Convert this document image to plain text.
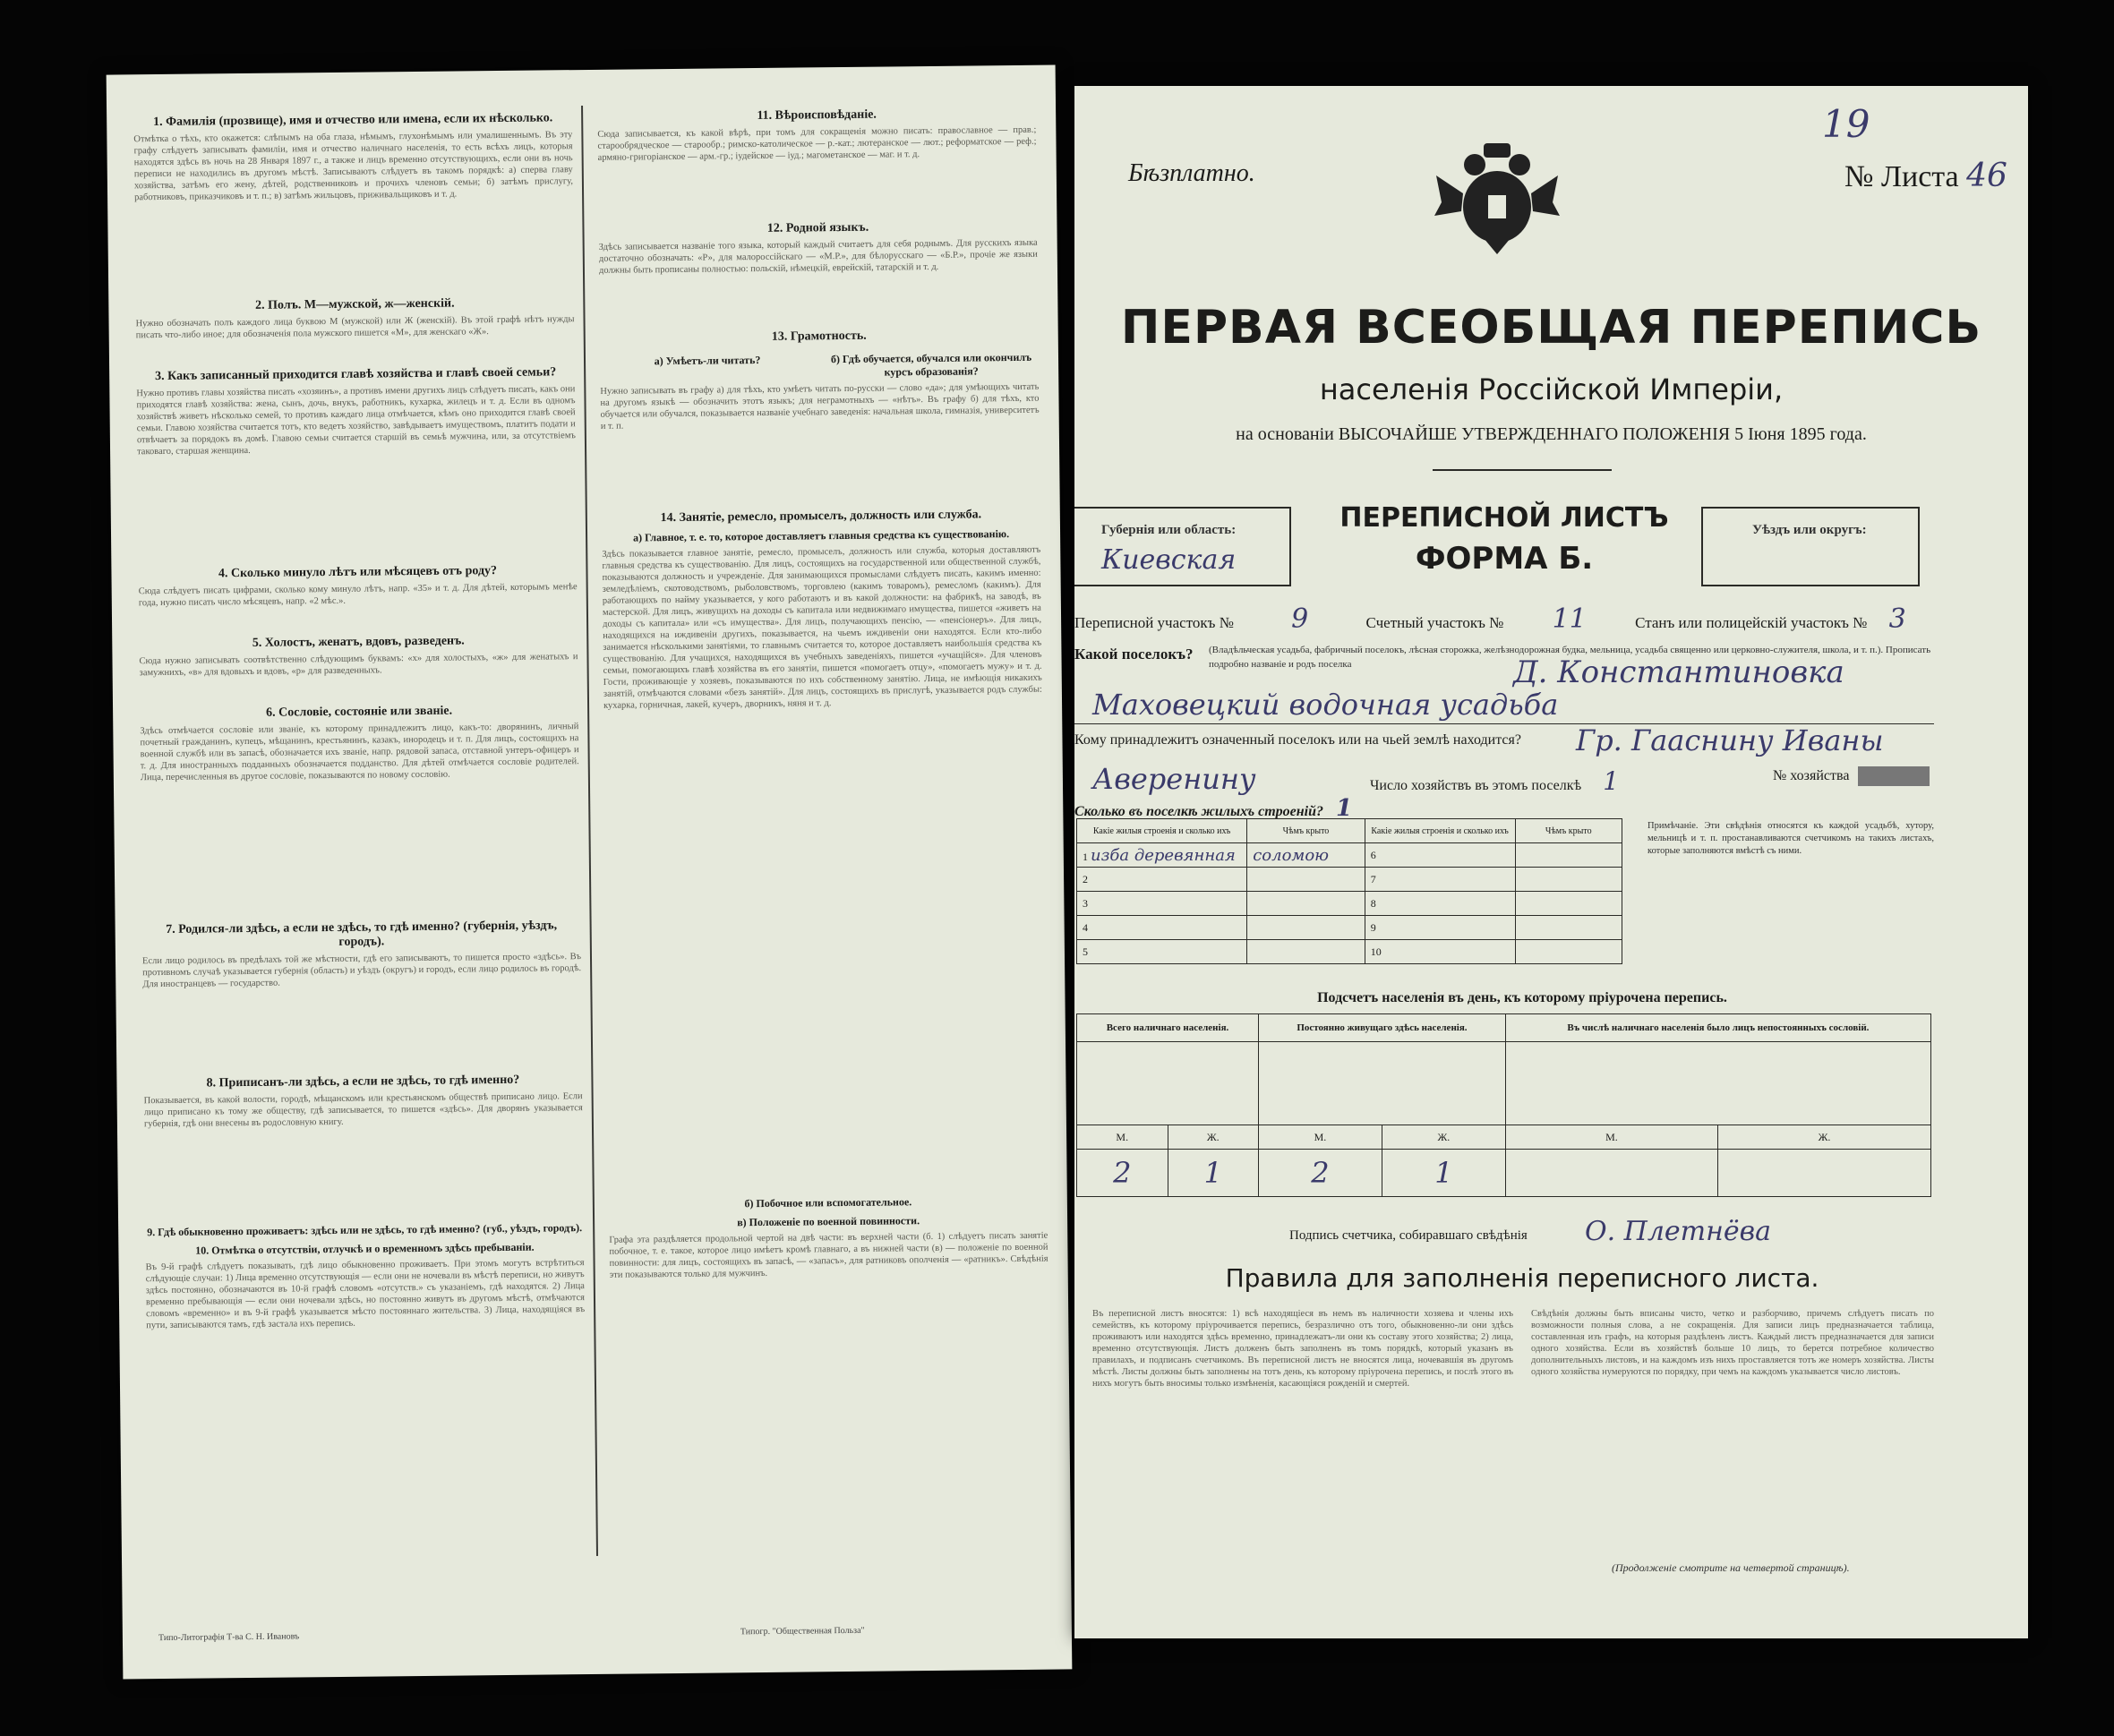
1. Фамилія (прозвище), имя и отчество или имена, если их нѣсколько.
Отмѣтка о тѣхъ, кто окажется: слѣпымъ на оба глаза, нѣмымъ, глухонѣмымъ или умалишеннымъ. Въ эту графу слѣдуетъ записывать фамиліи, имя и отчество наличнаго населенія, то есть всѣхъ лицъ, которыя находятся здѣсь въ ночь на 28 Января 1897 г., а также и лицъ временно отсутствующихъ, если они въ ночь переписи не находились въ другомъ мѣстѣ. Записываютъ слѣдуетъ въ такомъ порядкѣ: а) сперва главу хозяйства, затѣмъ его жену, дѣтей, родственниковъ и прочихъ членовъ семьи; б) затѣмъ прислугу, работниковъ, приказчиковъ и т. п.; в) затѣмъ жильцовъ, приживальщиковъ и т. д.
2. Полъ. М—мужской, ж—женскій.
Нужно обозначать полъ каждого лица буквою М (мужской) или Ж (женскій). Въ этой графѣ нѣтъ нужды писать что-либо иное; для обозначенія пола мужского пишется «М», для женскаго «Ж».
3. Какъ записанный приходится главѣ хозяйства и главѣ своей семьи?
Нужно противъ главы хозяйства писать «хозяинъ», а противъ имени другихъ лицъ слѣдуетъ писать, какъ они приходятся главѣ хозяйства: жена, сынъ, дочь, внукъ, работникъ, кухарка, жилецъ и т. д. Если въ одномъ хозяйствѣ живетъ нѣсколько семей, то противъ каждаго лица отмѣчается, кѣмъ оно приходится главѣ своей семьи. Главою хозяйства считается тотъ, кто ведетъ хозяйство, завѣдываетъ имуществомъ, платитъ подати и отвѣчаетъ за порядокъ въ домѣ. Главою семьи считается старшій въ семьѣ мужчина, или, за отсутствіемъ таковаго, старшая женщина.
4. Сколько минуло лѣтъ или мѣсяцевъ отъ роду?
Сюда слѣдуетъ писать цифрами, сколько кому минуло лѣтъ, напр. «35» и т. д. Для дѣтей, которымъ менѣе года, нужно писать число мѣсяцевъ, напр. «2 мѣс.».
5. Холостъ, женатъ, вдовъ, разведенъ.
Сюда нужно записывать соотвѣтственно слѣдующимъ буквамъ: «х» для холостыхъ, «ж» для женатыхъ и замужнихъ, «в» для вдовыхъ и вдовъ, «р» для разведенныхъ.
6. Сословіе, состояніе или званіе.
Здѣсь отмѣчается сословіе или званіе, къ которому принадлежитъ лицо, какъ-то: дворянинъ, личный почетный гражданинъ, купецъ, мѣщанинъ, крестьянинъ, казакъ, инородецъ и т. п. Для лицъ, состоящихъ на военной службѣ или въ запасѣ, обозначается ихъ званіе, напр. рядовой запаса, отставной унтеръ-офицеръ и т. д. Для иностранныхъ подданныхъ обозначается подданство. Для дѣтей отмѣчается сословіе родителей. Лица, перечисленныя въ другое сословіе, показываются по новому сословію.
7. Родился-ли здѣсь, а если не здѣсь, то гдѣ именно? (губернія, уѣздъ, городъ).
Если лицо родилось въ предѣлахъ той же мѣстности, гдѣ его записываютъ, то пишется просто «здѣсь». Въ противномъ случаѣ указывается губернія (область) и уѣздъ (округъ) и городъ, если лицо родилось въ городѣ. Для иностранцевъ — государство.
8. Приписанъ-ли здѣсь, а если не здѣсь, то гдѣ именно?
Показывается, въ какой волости, городѣ, мѣщанскомъ или крестьянскомъ обществѣ приписано лицо. Если лицо приписано къ тому же обществу, гдѣ записывается, то пишется «здѣсь». Для дворянъ указывается губернія, гдѣ они внесены въ родословную книгу.
9. Гдѣ обыкновенно проживаетъ: здѣсь или не здѣсь, то гдѣ именно? (губ., уѣздъ, городъ).
10. Отмѣтка о отсутствіи, отлучкѣ и о временномъ здѣсь пребываніи.
Въ 9-й графѣ слѣдуетъ показывать, гдѣ лицо обыкновенно проживаетъ. При этомъ могутъ встрѣтиться слѣдующіе случаи: 1) Лица временно отсутствующія — если они не ночевали въ мѣстѣ переписи, но живутъ здѣсь постоянно, обозначаются въ 10-й графѣ словомъ «отсутств.» съ указаніемъ, гдѣ находятся. 2) Лица временно пребывающія — если они ночевали здѣсь, но постоянно живутъ въ другомъ мѣстѣ, отмѣчаются словомъ «временно» и въ 9-й графѣ указывается мѣсто постояннаго жительства. 3) Лица, находящіяся въ пути, записываются тамъ, гдѣ застала ихъ перепись.
11. Вѣроисповѣданіе.
Сюда записывается, къ какой вѣрѣ, при томъ для сокращенія можно писать: православное — прав.; старообрядческое — старообр.; римско-католическое — р.-кат.; лютеранское — лют.; реформатское — реф.; армяно-григоріанское — арм.-гр.; іудейское — іуд.; магометанское — маг. и т. д.
12. Родной языкъ.
Здѣсь записывается названіе того языка, который каждый считаетъ для себя роднымъ. Для русскихъ языка достаточно обозначать: «Р», для малороссійскаго — «М.Р.», для бѣлорусскаго — «Б.Р.», прочіе же языки должны быть прописаны полностью: польскій, нѣмецкій, еврейскій, татарскій и т. д.
13. Грамотность.
а) Умѣетъ-ли читать?	б) Гдѣ обучается, обучался или окончилъ курсъ образованія?
Нужно записывать въ графу а) для тѣхъ, кто умѣетъ читать по-русски — слово «да»; для умѣющихъ читать на другомъ языкѣ — обозначить этотъ языкъ; для неграмотныхъ — «нѣтъ». Въ графу б) для тѣхъ, кто обучается или обучался, показывается названіе учебнаго заведенія: начальная школа, гимназія, университетъ и т. п.
14. Занятіе, ремесло, промыселъ, должность или служба.
а) Главное, т. е. то, которое доставляетъ главныя средства къ существованію.
Здѣсь показывается главное занятіе, ремесло, промыселъ, должность или служба, которыя доставляютъ главныя средства къ существованію. Для лицъ, состоящихъ на государственной или общественной службѣ, показываются должность и учрежденіе. Для занимающихся промыслами слѣдуетъ писать, какимъ именно: земледѣліемъ, скотоводствомъ, рыболовствомъ, торговлею (какимъ товаромъ), ремесломъ (какимъ). Для работающихъ по найму указывается, у кого работаютъ и въ какой должности: на фабрикѣ, на заводѣ, въ мастерской. Для лицъ, живущихъ на доходы съ капитала или недвижимаго имущества, пишется «живетъ на доходы съ капитала» или «съ имущества». Для лицъ, получающихъ пенсію, — «пенсіонеръ». Для лицъ, находящихся на иждивеніи другихъ, показывается, на чьемъ иждивеніи они находятся. Если кто-либо занимается нѣсколькими занятіями, то главнымъ считается то, которое доставляетъ наибольшія средства къ существованію. Для учащихся, находящихся въ учебныхъ заведеніяхъ, пишется «учащійся». Для членовъ семьи, помогающихъ главѣ хозяйства въ его занятіи, пишется «помогаетъ отцу», «помогаетъ мужу» и т. д. Гости, проживающіе у хозяевъ, показываются по ихъ собственному занятію. Лица, не имѣющія никакихъ занятій, отмѣчаются словами «безъ занятій». Для лицъ, состоящихъ въ прислугѣ, указывается родъ службы: кухарка, горничная, лакей, кучеръ, дворникъ, няня и т. д.
б) Побочное или вспомогательное.
в) Положеніе по военной повинности.
Графа эта раздѣляется продольной чертой на двѣ части: въ верхней части (б. 1) слѣдуетъ писать занятіе побочное, т. е. такое, которое лицо имѣетъ кромѣ главнаго, а въ нижней части (в) — положеніе по военной повинности: для лицъ, состоящихъ въ запасѣ, — «запасъ», для ратниковъ ополченія — «ратникъ». Свѣдѣнія эти показываются только для мужчинъ.
Типо-Литографія Т-ва С. Н. Ивановъ
Типогр. "Общественная Польза"
Бѣзплатно.	№ Листа 46
19
ПЕРВАЯ ВСЕОБЩАЯ ПЕРЕПИСЬ
населенія Россійской Имперіи,
на основаніи ВЫСОЧАЙШЕ УТВЕРЖДЕННАГО ПОЛОЖЕНІЯ 5 Іюня 1895 года.
Губернія или область:
Киевская
ПЕРЕПИСНОЙ ЛИСТЪ
ФОРМА Б.
Уѣздъ или округъ:
Переписной участокъ № 9	Счетный участокъ № 11	Станъ или полицейскій участокъ № 3
Какой поселокъ?	(Владѣльческая усадьба, фабричный поселокъ, лѣсная сторожка, желѣзнодорожная будка, мельница, усадьба священно или церковно-служителя, школа, и т. п.). Прописать подробно названіе и родъ поселка	Д. Константиновка
Маховецкий водочная усадьба
Кому принадлежитъ означенный поселокъ или на чьей землѣ находится? Гр. Гааснину Иваны
Аверенину	Число хозяйствъ въ этомъ поселкѣ 1	№ хозяйства
Сколько въ поселкѣ жилыхъ строеній? 1
Какіе жилыя строенія и сколько ихъ	Чѣмъ крыто	Какіе жилыя строенія и сколько ихъ	Чѣмъ крыто
1 изба деревянная	соломою	6	
2		7	
3		8	
4		9	
5		10	
Примѣчаніе. Эти свѣдѣнія относятся къ каждой усадьбѣ, хутору, мельницѣ и т. п. простанавливаются счетчикомъ на такихъ листахъ, которые заполняются вмѣстѣ съ ними.
Подсчетъ населенія въ день, къ которому пріурочена перепись.
Всего наличнаго населенія.		Постоянно живущаго здѣсь населенія.		Въ числѣ наличнаго населенія было лицъ непостоянныхъ сословій.	

М.	Ж.	М.	Ж.	М.	Ж.
2	1	2	1		
Подпись счетчика, собиравшаго свѣдѣнія О. Плетнёва
Правила для заполненія переписного листа.
Въ переписной листъ вносятся: 1) всѣ находящіеся въ немъ въ наличности хозяева и члены ихъ семействъ, къ которому пріурочивается перепись, безразлично отъ того, обыкновенно-ли они здѣсь проживаютъ или находятся здѣсь временно, принадлежатъ-ли они къ составу этого хозяйства; 2) лица, временно отсутствующія. Листъ долженъ быть заполненъ въ томъ порядкѣ, который указанъ въ правилахъ, и подписанъ счетчикомъ. Въ переписной листъ не вносятся лица, ночевавшія въ другомъ мѣстѣ. Листы должны быть заполнены на тотъ день, къ которому пріурочена перепись, и послѣ этого въ нихъ могутъ быть вносимы только измѣненія, касающіяся рожденій и смертей.
Свѣдѣнія должны быть вписаны чисто, четко и разборчиво, причемъ слѣдуетъ писать по возможности полныя слова, а не сокращенія. Для записи лицъ предназначается таблица, составленная изъ графъ, на которыя раздѣленъ листъ. Каждый листъ предназначается для записи одного хозяйства. Если въ хозяйствѣ больше 10 лицъ, то берется потребное количество дополнительныхъ листовъ, и на каждомъ изъ нихъ проставляется тотъ же номеръ хозяйства. Листы одного хозяйства нумеруются по порядку, при чемъ на каждомъ указывается число листовъ.
(Продолженіе смотрите на четвертой страницѣ).
